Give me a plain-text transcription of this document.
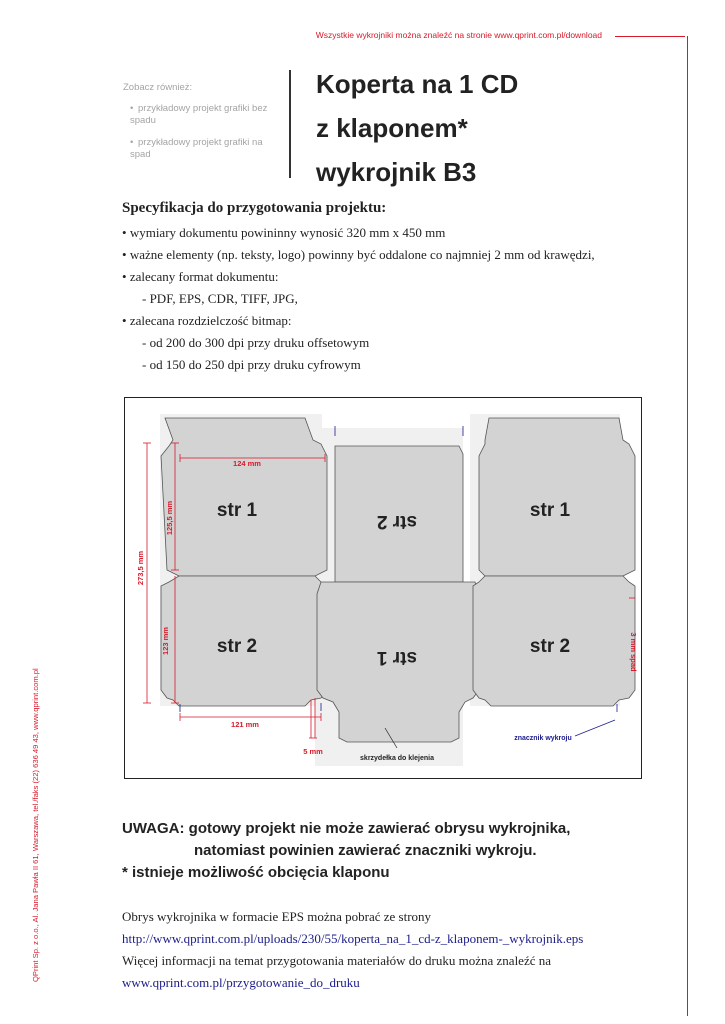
Wszystkie wykrojniki można znaleźć na stronie www.qprint.com.pl/download
Zobacz również:
• przykładowy projekt grafiki bez spadu
• przykładowy projekt grafiki na spad
Koperta na 1 CD
z klaponem*
wykrojnik B3
Specyfikacja do przygotowania projektu:
• wymiary dokumentu powininny wynosić 320 mm x 450 mm
• ważne elementy (np. teksty, logo) powinny być oddalone co najmniej 2 mm od krawędzi,
• zalecany format dokumentu:
- PDF, EPS, CDR, TIFF, JPG,
• zalecana rozdzielczość bitmap:
- od 200 do 300 dpi przy druku offsetowym
- od 150 do 250 dpi przy druku cyfrowym
str 1
str 2
str 2
str 1
str 1
str 2
124 mm
125,5 mm
273,5 mm
123 mm
121 mm
5 mm
3 mm spad
skrzydełka do klejenia
znacznik wykroju
UWAGA: gotowy projekt nie może zawierać obrysu wykrojnika,
natomiast powinien zawierać znaczniki wykroju.
* istnieje możliwość obcięcia klaponu
Obrys wykrojnika w formacie EPS można pobrać ze strony
http://www.qprint.com.pl/uploads/230/55/koperta_na_1_cd-z_klaponem-_wykrojnik.eps
Więcej informacji na temat przygotowania materiałów do druku można znaleźć na
www.qprint.com.pl/przygotowanie_do_druku
QPrint Sp. z o.o., Al. Jana Pawła II 61, Warszawa, tel./faks (22) 636 49 43, www.qprint.com.pl
